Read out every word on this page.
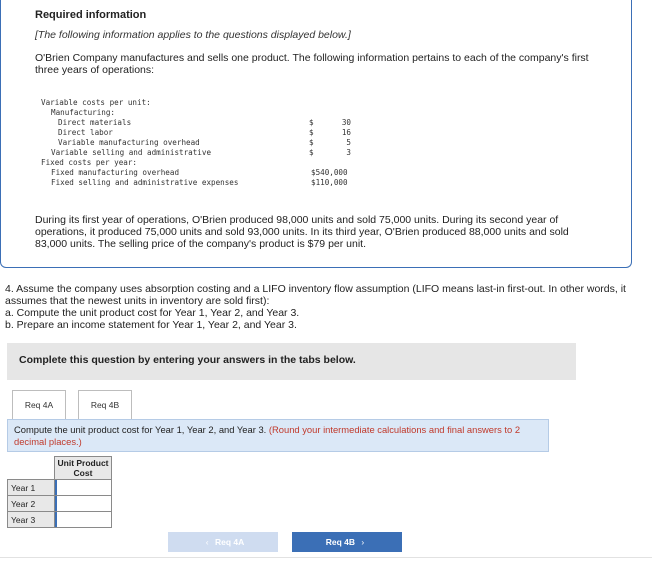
Required information
[The following information applies to the questions displayed below.]
O'Brien Company manufactures and sells one product. The following information pertains to each of the company's first three years of operations:
Variable costs per unit:
Manufacturing:
Direct materials	$	30
Direct labor	$	16
Variable manufacturing overhead	$	5
Variable selling and administrative	$	3
Fixed costs per year:
Fixed manufacturing overhead	$540,000
Fixed selling and administrative expenses	$110,000
During its first year of operations, O'Brien produced 98,000 units and sold 75,000 units. During its second year of operations, it produced 75,000 units and sold 93,000 units. In its third year, O'Brien produced 88,000 units and sold 83,000 units. The selling price of the company's product is $79 per unit.
4. Assume the company uses absorption costing and a LIFO inventory flow assumption (LIFO means last-in first-out. In other words, it assumes that the newest units in inventory are sold first):
a. Compute the unit product cost for Year 1, Year 2, and Year 3.
b. Prepare an income statement for Year 1, Year 2, and Year 3.
Complete this question by entering your answers in the tabs below.
Req 4A	Req 4B

Compute the unit product cost for Year 1, Year 2, and Year 3. (Round your intermediate calculations and final answers to 2 decimal places.)

	Unit Product Cost
Year 1	
Year 2	
Year 3	
‹ Req 4A	Req 4B ›
